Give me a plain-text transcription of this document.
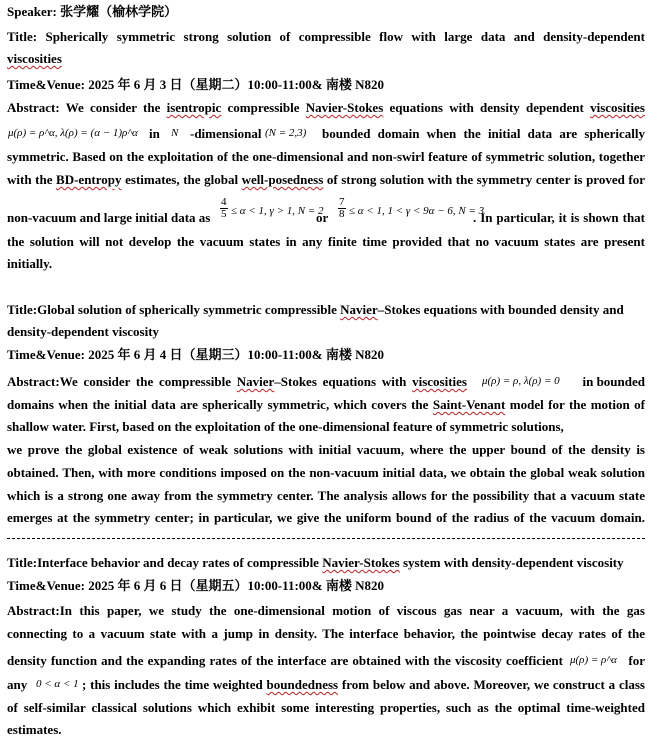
Speaker: 张学耀（榆林学院）
Title: Spherically symmetric strong solution of compressible flow with large data and density-dependent
viscosities
Time&Venue: 2025 年 6 月 3 日（星期二）10:00-11:00& 南楼 N820
Abstract: We consider the isentropic compressible Navier-Stokes equations with density dependent viscosities
μ(ρ) = ρ^α, λ(ρ) = (α − 1)ρ^α in N -dimensional (N = 2,3) bounded domain when the initial data are spherically
symmetric. Based on the exploitation of the one-dimensional and non-swirl feature of symmetric solution, together
with the BD-entropy estimates, the global well-posedness of strong solution with the symmetry center is proved for
non-vacuum and large initial data as $\frac{4}{5} \le \alpha < 1$, γ > 1, N = 2
or $\frac{7}{8} \le \alpha < 1$, 1 < γ < 9α − 6, N = 3
. In particular, it is shown that
the solution will not develop the vacuum states in any finite time provided that no vacuum states are present
initially.
Title:Global solution of spherically symmetric compressible Navier–Stokes equations with bounded density and
density-dependent viscosity
Time&Venue: 2025 年 6 月 4 日（星期三）10:00-11:00& 南楼 N820
Abstract:We consider the compressible Navier–Stokes equations with viscosities μ(ρ) = ρ, λ(ρ) = 0 in bounded
domains when the initial data are spherically symmetric, which covers the Saint-Venant model for the motion of
shallow water. First, based on the exploitation of the one-dimensional feature of symmetric solutions,
we prove the global existence of weak solutions with initial vacuum, where the upper bound of the density is
obtained. Then, with more conditions imposed on the non-vacuum initial data, we obtain the global weak solution
which is a strong one away from the symmetry center. The analysis allows for the possibility that a vacuum state
emerges at the symmetry center; in particular, we give the uniform bound of the radius of the vacuum domain.
Title:Interface behavior and decay rates of compressible Navier-Stokes system with density-dependent viscosity
Time&Venue: 2025 年 6 月 6 日（星期五）10:00-11:00& 南楼 N820
Abstract:In this paper, we study the one-dimensional motion of viscous gas near a vacuum, with the gas
connecting to a vacuum state with a jump in density. The interface behavior, the pointwise decay rates of the
density function and the expanding rates of the interface are obtained with the viscosity coefficient μ(ρ) = ρ^α for
any 0 < α < 1 ; this includes the time weighted boundedness from below and above. Moreover, we construct a class
of self-similar classical solutions which exhibit some interesting properties, such as the optimal time-weighted
estimates.
